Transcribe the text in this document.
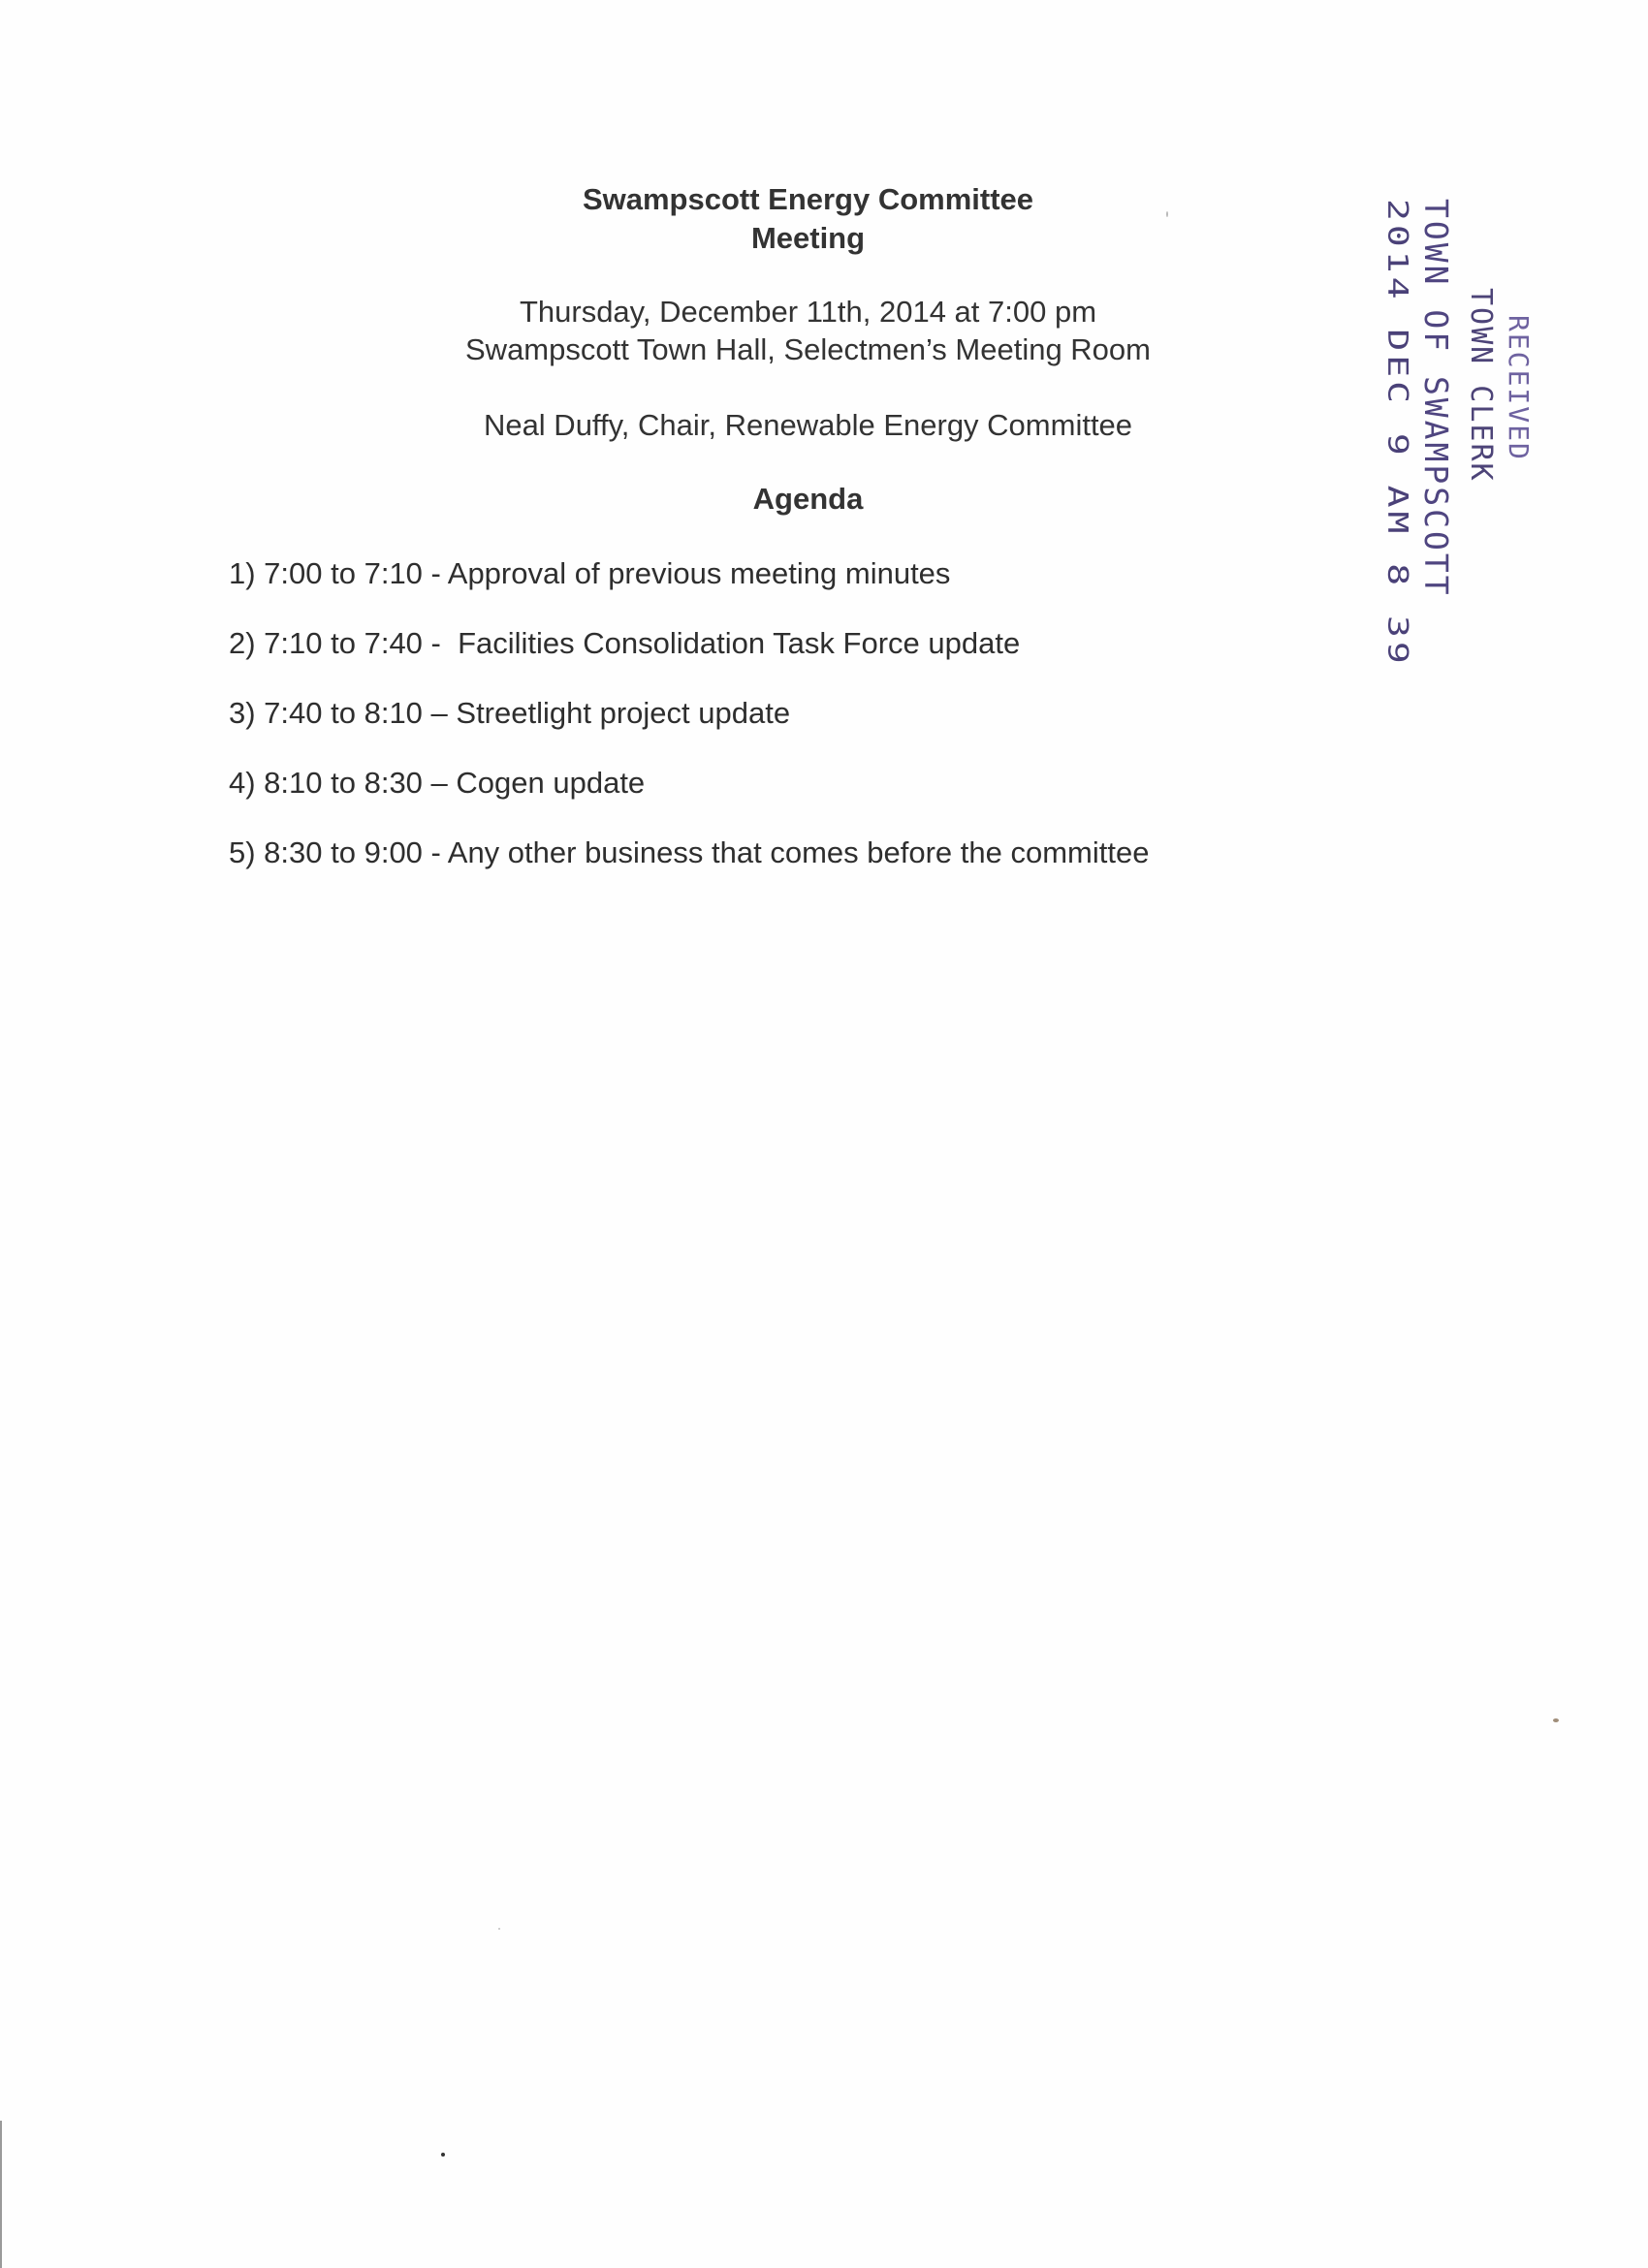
Swampscott Energy Committee
Meeting
Thursday, December 11th, 2014 at 7:00 pm
Swampscott Town Hall, Selectmen’s Meeting Room
Neal Duffy, Chair, Renewable Energy Committee
Agenda
1) 7:00 to 7:10 - Approval of previous meeting minutes
2) 7:10 to 7:40 -  Facilities Consolidation Task Force update
3) 7:40 to 8:10 – Streetlight project update
4) 8:10 to 8:30 – Cogen update
5) 8:30 to 9:00 - Any other business that comes before the committee
RECEIVED
TOWN CLERK
TOWN OF SWAMPSCOTT
2014 DEC 9 AM 8 39
